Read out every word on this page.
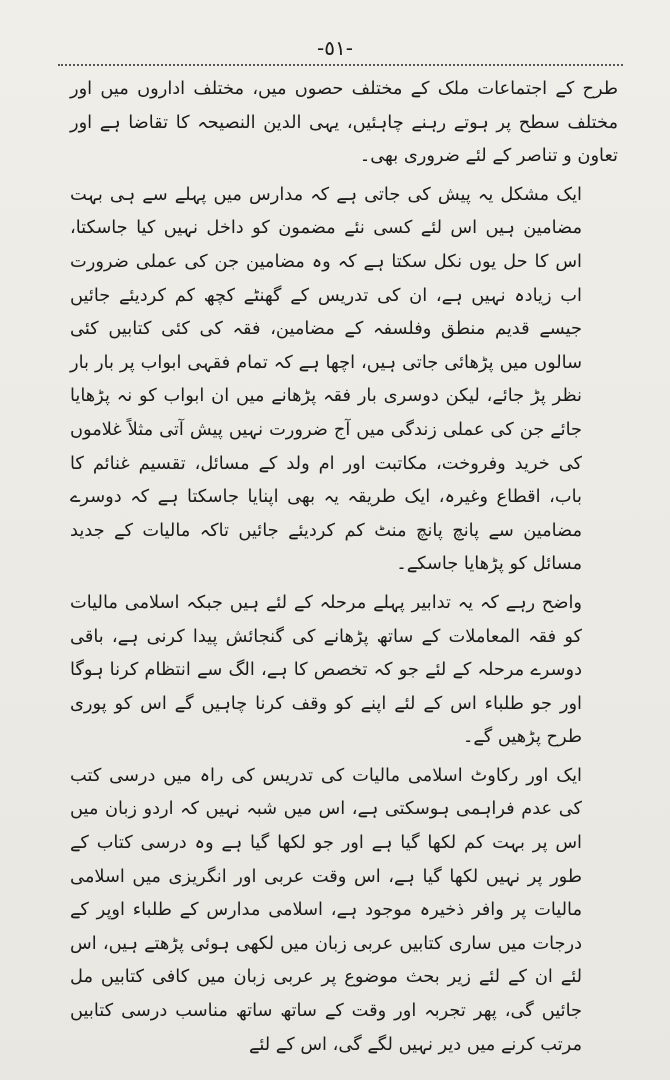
-٥١-

طرح کے اجتماعات ملک کے مختلف حصوں میں، مختلف اداروں میں اور مختلف سطح پر ہوتے رہنے چاہئیں، یہی الدین النصیحہ کا تقاضا ہے اور تعاون و تناصر کے لئے ضروری بھی۔

ایک مشکل یہ پیش کی جاتی ہے کہ مدارس میں پہلے سے ہی بہت مضامین ہیں اس لئے کسی نئے مضمون کو داخل نہیں کیا جاسکتا، اس کا حل یوں نکل سکتا ہے کہ وہ مضامین جن کی عملی ضرورت اب زیادہ نہیں ہے، ان کی تدریس کے گھنٹے کچھ کم کردیئے جائیں جیسے قدیم منطق وفلسفہ کے مضامین، فقہ کی کئی کتابیں کئی سالوں میں پڑھائی جاتی ہیں، اچھا ہے کہ تمام فقہی ابواب پر بار بار نظر پڑ جائے، لیکن دوسری بار فقہ پڑھانے میں ان ابواب کو نہ پڑھایا جائے جن کی عملی زندگی میں آج ضرورت نہیں پیش آتی مثلاً غلاموں کی خرید وفروخت، مکاتبت اور ام ولد کے مسائل، تقسیم غنائم کا باب، اقطاع وغیرہ، ایک طریقہ یہ بھی اپنایا جاسکتا ہے کہ دوسرے مضامین سے پانچ پانچ منٹ کم کردیئے جائیں تاکہ مالیات کے جدید مسائل کو پڑھایا جاسکے۔

واضح رہے کہ یہ تدابیر پہلے مرحلہ کے لئے ہیں جبکہ اسلامی مالیات کو فقہ المعاملات کے ساتھ پڑھانے کی گنجائش پیدا کرنی ہے، باقی دوسرے مرحلہ کے لئے جو کہ تخصص کا ہے، الگ سے انتظام کرنا ہوگا اور جو طلباء اس کے لئے اپنے کو وقف کرنا چاہیں گے اس کو پوری طرح پڑھیں گے۔

ایک اور رکاوٹ اسلامی مالیات کی تدریس کی راہ میں درسی کتب کی عدم فراہمی ہوسکتی ہے، اس میں شبہ نہیں کہ اردو زبان میں اس پر بہت کم لکھا گیا ہے اور جو لکھا گیا ہے وہ درسی کتاب کے طور پر نہیں لکھا گیا ہے، اس وقت عربی اور انگریزی میں اسلامی مالیات پر وافر ذخیرہ موجود ہے، اسلامی مدارس کے طلباء اوپر کے درجات میں ساری کتابیں عربی زبان میں لکھی ہوئی پڑھتے ہیں، اس لئے ان کے لئے زیر بحث موضوع پر عربی زبان میں کافی کتابیں مل جائیں گی، پھر تجربہ اور وقت کے ساتھ ساتھ مناسب درسی کتابیں مرتب کرنے میں دیر نہیں لگے گی، اس کے لئے
